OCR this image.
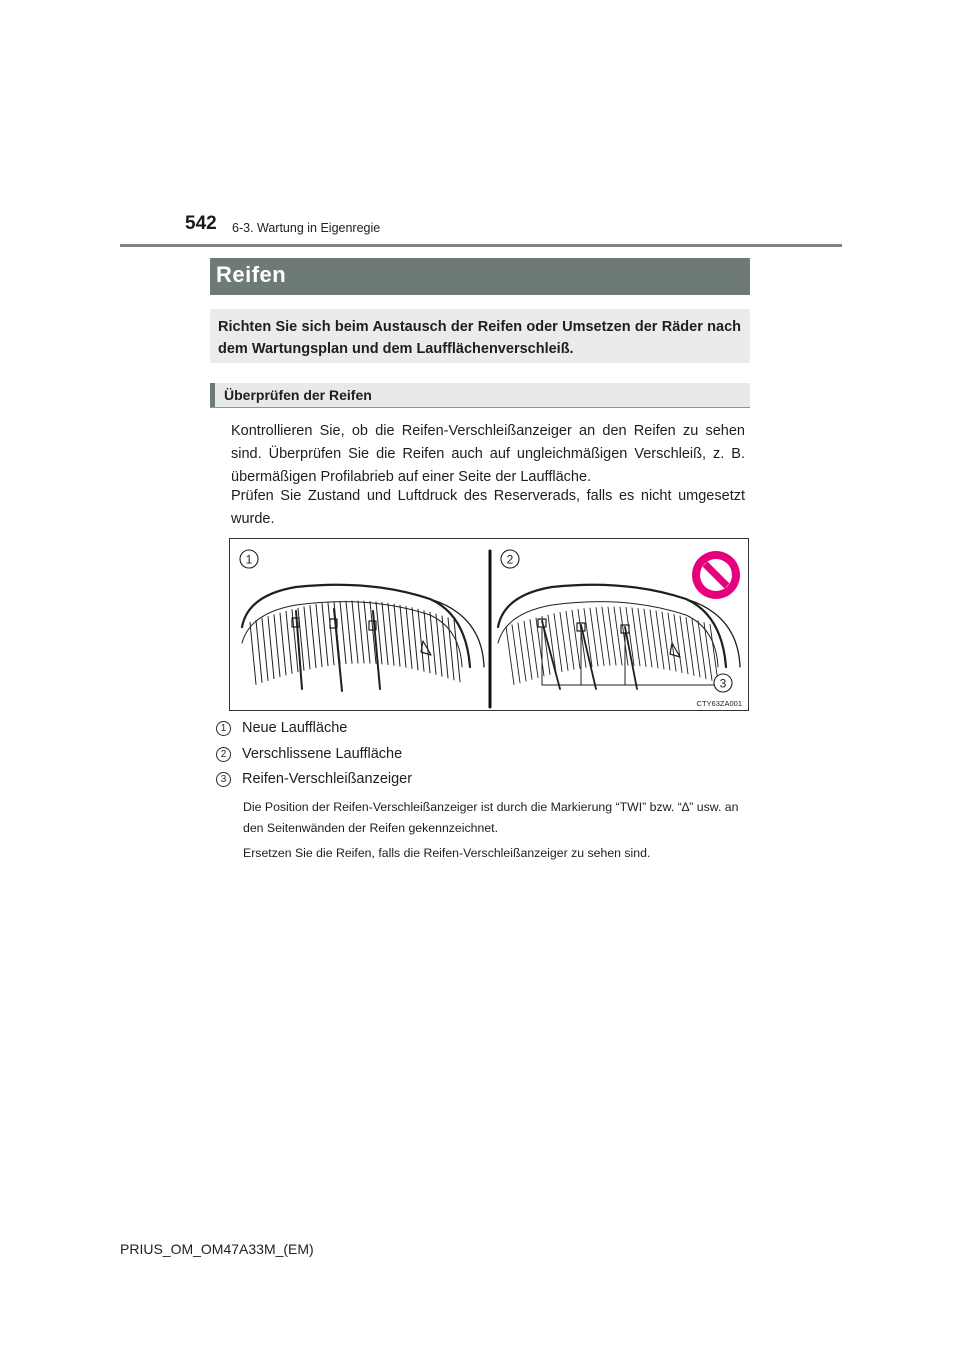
542 6-3. Wartung in Eigenregie
Reifen
Richten Sie sich beim Austausch der Reifen oder Umsetzen der Räder nach dem Wartungsplan und dem Laufflächenverschleiß.
Überprüfen der Reifen
Kontrollieren Sie, ob die Reifen-Verschleißanzeiger an den Reifen zu sehen sind. Überprüfen Sie die Reifen auch auf ungleichmäßigen Verschleiß, z. B. übermäßigen Profilabrieb auf einer Seite der Lauffläche.
Prüfen Sie Zustand und Luftdruck des Reserverads, falls es nicht umgesetzt wurde.
1	2
3
CTY63ZA001
1	Neue Lauffläche
2	Verschlissene Lauffläche
3	Reifen-Verschleißanzeiger
Die Position der Reifen-Verschleißanzeiger ist durch die Markierung “TWI” bzw. “∆” usw. an den Seitenwänden der Reifen gekennzeichnet.
Ersetzen Sie die Reifen, falls die Reifen-Verschleißanzeiger zu sehen sind.
PRIUS_OM_OM47A33M_(EM)
